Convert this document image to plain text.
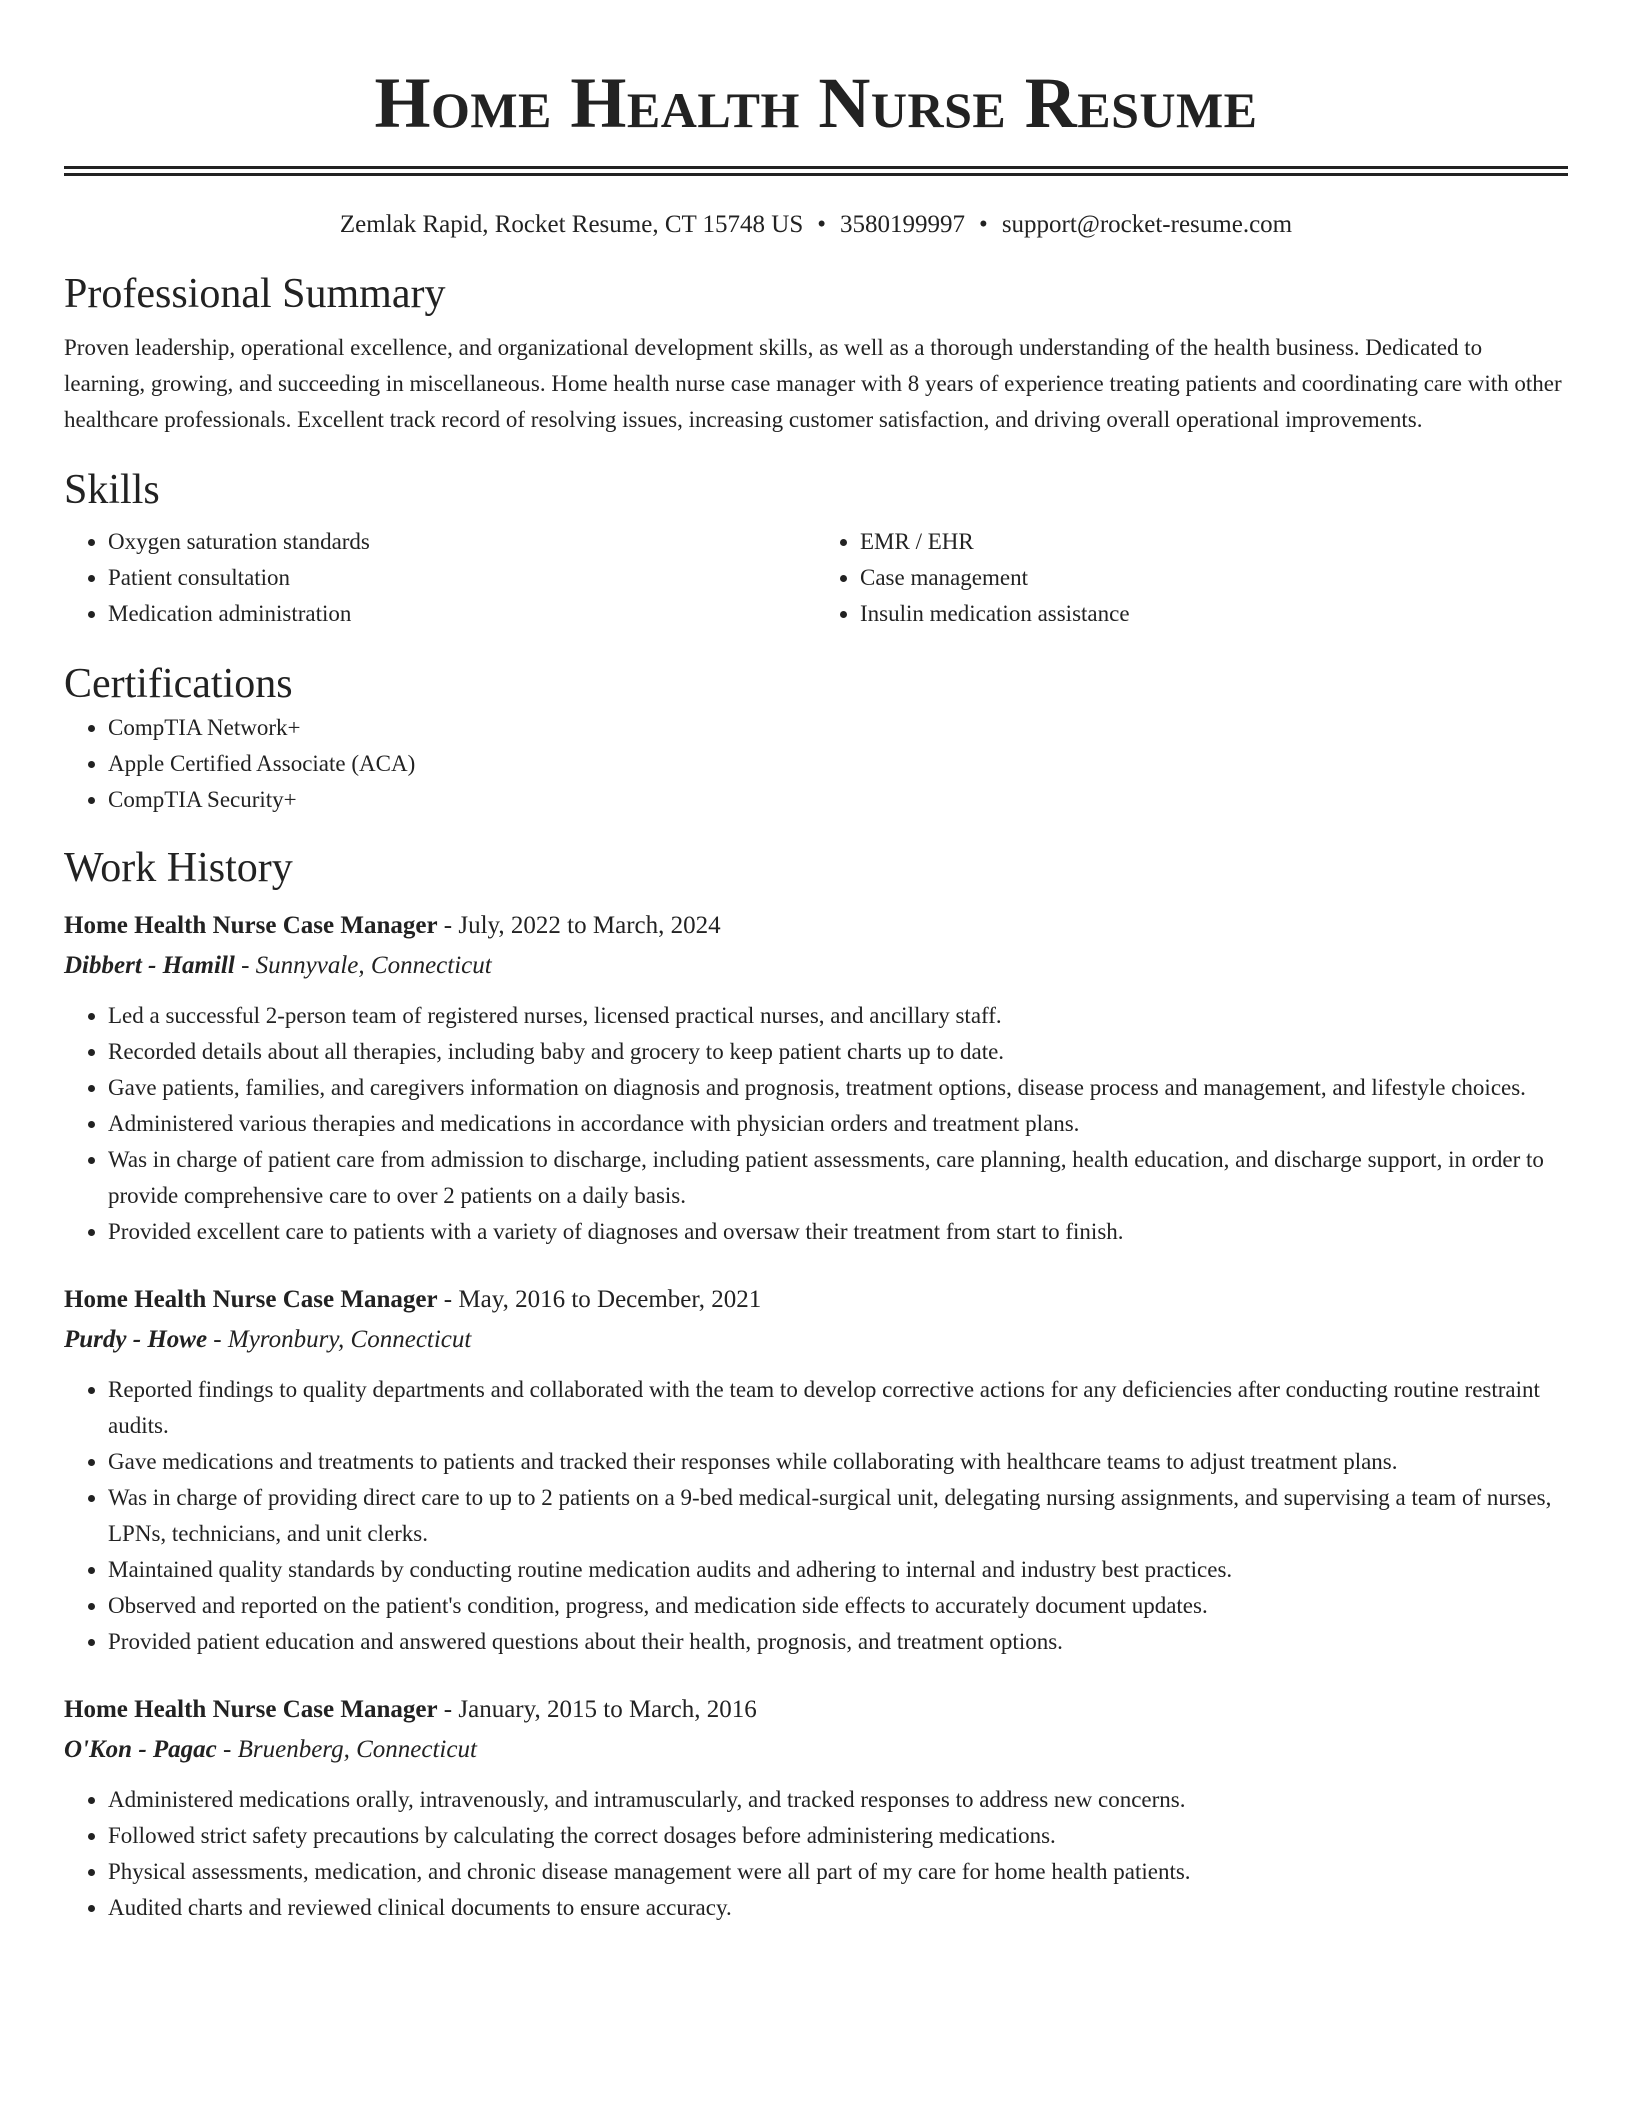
Home Health Nurse Resume
Zemlak Rapid, Rocket Resume, CT 15748 US • 3580199997 • support@rocket-resume.com
Professional Summary

Proven leadership, operational excellence, and organizational development skills, as well as a thorough understanding of the health business. Dedicated to learning, growing, and succeeding in miscellaneous. Home health nurse case manager with 8 years of experience treating patients and coordinating care with other healthcare professionals. Excellent track record of resolving issues, increasing customer satisfaction, and driving overall operational improvements.

Skills
• Oxygen saturation standards
• Patient consultation
• Medication administration
• EMR / EHR
• Case management
• Insulin medication assistance
Certifications
• CompTIA Network+
• Apple Certified Associate (ACA)
• CompTIA Security+
Work History
Home Health Nurse Case Manager - July, 2022 to March, 2024
Dibbert - Hamill - Sunnyvale, Connecticut
• Led a successful 2-person team of registered nurses, licensed practical nurses, and ancillary staff.
• Recorded details about all therapies, including baby and grocery to keep patient charts up to date.
• Gave patients, families, and caregivers information on diagnosis and prognosis, treatment options, disease process and management, and lifestyle choices.
• Administered various therapies and medications in accordance with physician orders and treatment plans.
• Was in charge of patient care from admission to discharge, including patient assessments, care planning, health education, and discharge support, in order to provide comprehensive care to over 2 patients on a daily basis.
• Provided excellent care to patients with a variety of diagnoses and oversaw their treatment from start to finish.
Home Health Nurse Case Manager - May, 2016 to December, 2021
Purdy - Howe - Myronbury, Connecticut
• Reported findings to quality departments and collaborated with the team to develop corrective actions for any deficiencies after conducting routine restraint audits.
• Gave medications and treatments to patients and tracked their responses while collaborating with healthcare teams to adjust treatment plans.
• Was in charge of providing direct care to up to 2 patients on a 9-bed medical-surgical unit, delegating nursing assignments, and supervising a team of nurses, LPNs, technicians, and unit clerks.
• Maintained quality standards by conducting routine medication audits and adhering to internal and industry best practices.
• Observed and reported on the patient's condition, progress, and medication side effects to accurately document updates.
• Provided patient education and answered questions about their health, prognosis, and treatment options.
Home Health Nurse Case Manager - January, 2015 to March, 2016
O'Kon - Pagac - Bruenberg, Connecticut
• Administered medications orally, intravenously, and intramuscularly, and tracked responses to address new concerns.
• Followed strict safety precautions by calculating the correct dosages before administering medications.
• Physical assessments, medication, and chronic disease management were all part of my care for home health patients.
• Audited charts and reviewed clinical documents to ensure accuracy.
